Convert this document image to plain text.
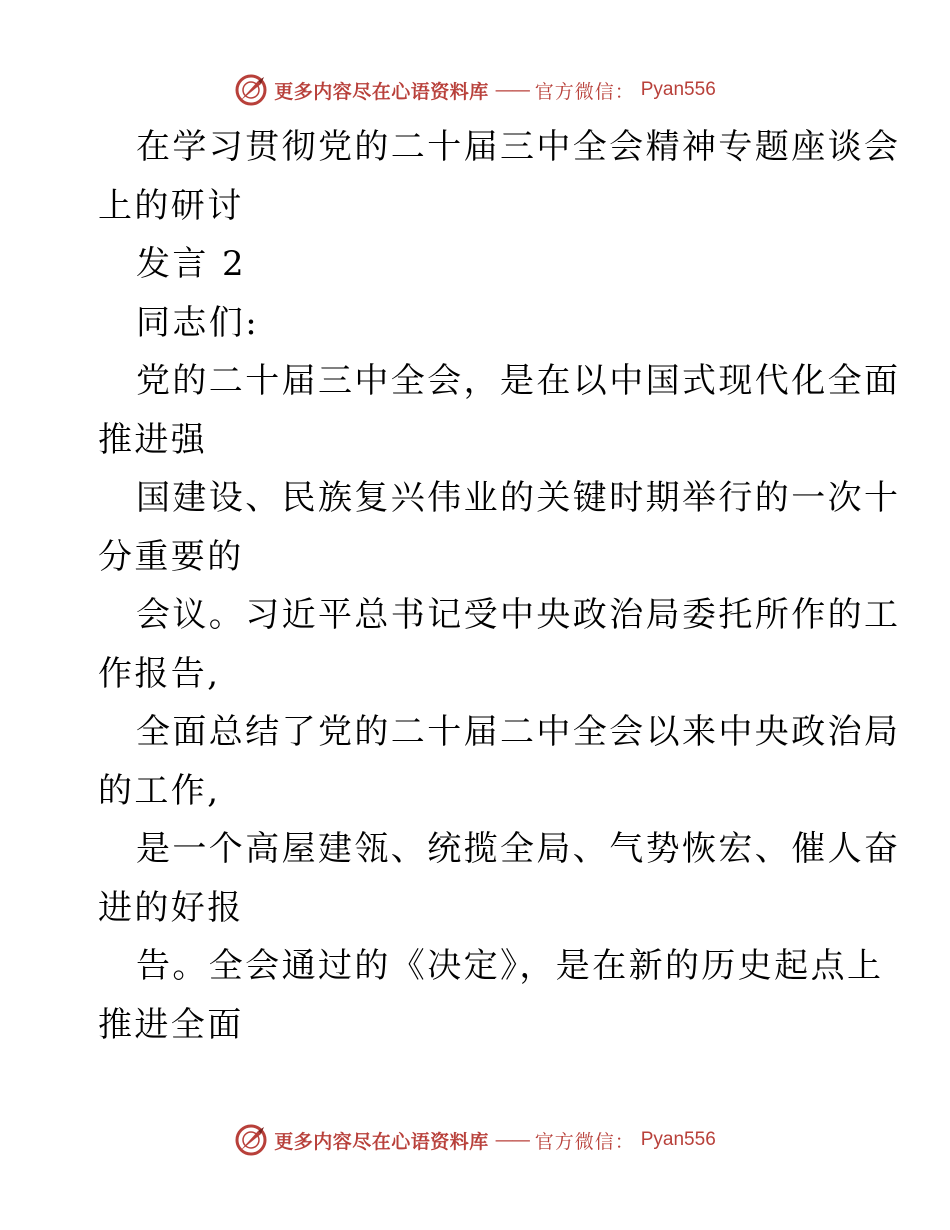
更多内容尽在心语资料库 —— 官方微信： Pyan556
在学习贯彻党的二十届三中全会精神专题座谈会
上的研讨
发言 2
同志们:
党的二十届三中全会，是在以中国式现代化全面
推进强
国建设、民族复兴伟业的关键时期举行的一次十
分重要的
会议。习近平总书记受中央政治局委托所作的工
作报告,
全面总结了党的二十届二中全会以来中央政治局
的工作,
是一个高屋建瓴、统揽全局、气势恢宏、催人奋
进的好报
告。全会通过的《决定》，是在新的历史起点上
推进全面
更多内容尽在心语资料库 —— 官方微信： Pyan556
